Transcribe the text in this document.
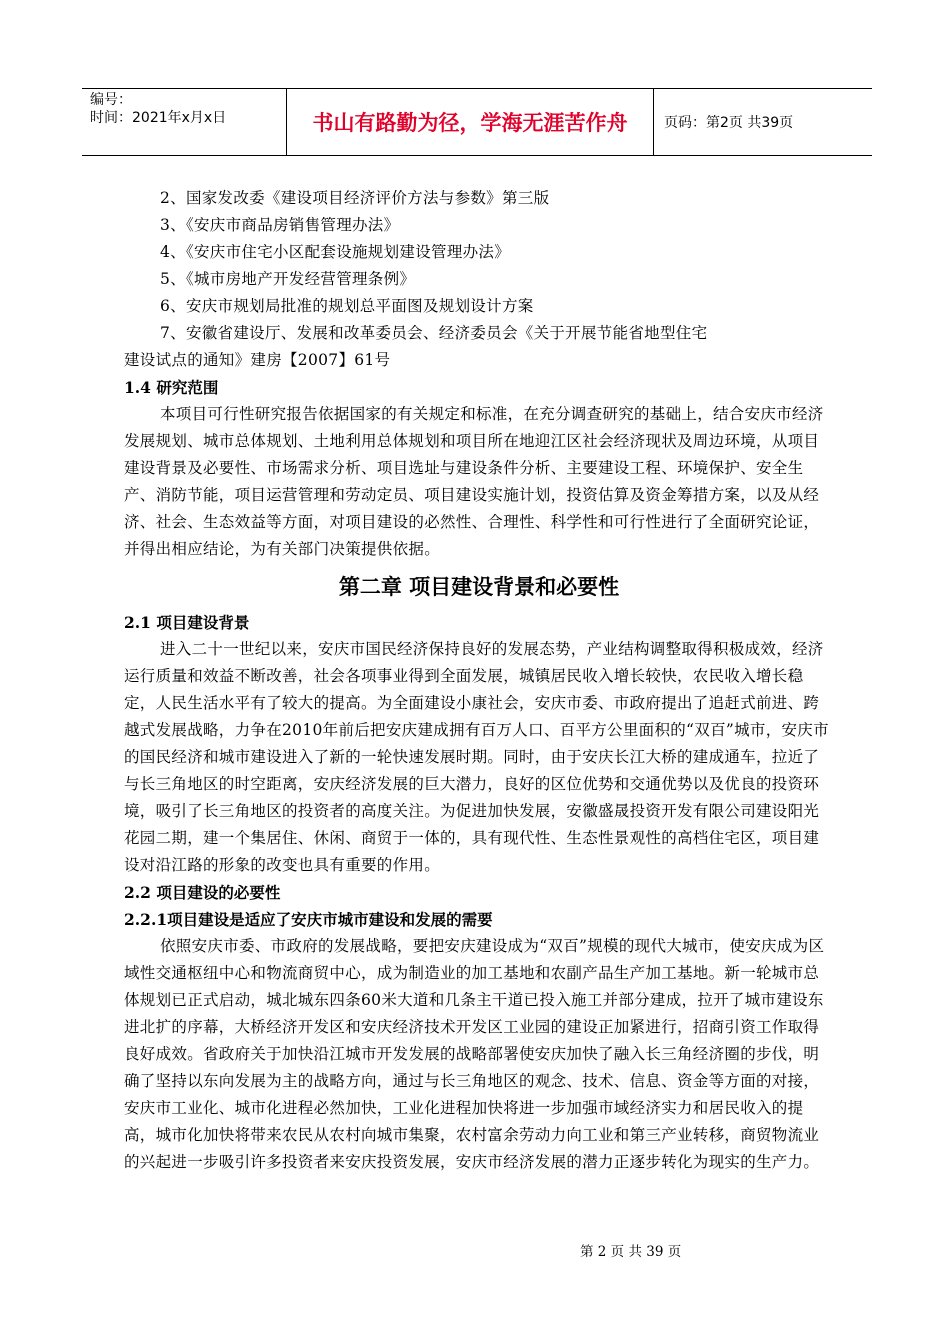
编号：
时间：2021年x月x日	书山有路勤为径，学海无涯苦作舟	页码：第2页 共39页

2、国家发改委《建设项目经济评价方法与参数》第三版

3、《安庆市商品房销售管理办法》

4、《安庆市住宅小区配套设施规划建设管理办法》

5、《城市房地产开发经营管理条例》

6、安庆市规划局批准的规划总平面图及规划设计方案

7、安徽省建设厅、发展和改革委员会、经济委员会《关于开展节能省地型住宅

建设试点的通知》建房【2007】61号

1.4 研究范围

本项目可行性研究报告依据国家的有关规定和标准，在充分调查研究的基础上，结合安庆市经济发展规划、城市总体规划、土地利用总体规划和项目所在地迎江区社会经济现状及周边环境，从项目建设背景及必要性、市场需求分析、项目选址与建设条件分析、主要建设工程、环境保护、安全生产、消防节能，项目运营管理和劳动定员、项目建设实施计划，投资估算及资金筹措方案，以及从经济、社会、生态效益等方面，对项目建设的必然性、合理性、科学性和可行性进行了全面研究论证，并得出相应结论，为有关部门决策提供依据。

第二章 项目建设背景和必要性

2.1 项目建设背景

进入二十一世纪以来，安庆市国民经济保持良好的发展态势，产业结构调整取得积极成效，经济运行质量和效益不断改善，社会各项事业得到全面发展，城镇居民收入增长较快，农民收入增长稳定，人民生活水平有了较大的提高。为全面建设小康社会，安庆市委、市政府提出了追赶式前进、跨越式发展战略，力争在2010年前后把安庆建成拥有百万人口、百平方公里面积的“双百”城市，安庆市的国民经济和城市建设进入了新的一轮快速发展时期。同时，由于安庆长江大桥的建成通车，拉近了与长三角地区的时空距离，安庆经济发展的巨大潜力，良好的区位优势和交通优势以及优良的投资环境，吸引了长三角地区的投资者的高度关注。为促进加快发展，安徽盛晟投资开发有限公司建设阳光花园二期，建一个集居住、休闲、商贸于一体的，具有现代性、生态性景观性的高档住宅区，项目建设对沿江路的形象的改变也具有重要的作用。

2.2 项目建设的必要性

2.2.1项目建设是适应了安庆市城市建设和发展的需要

依照安庆市委、市政府的发展战略，要把安庆建设成为“双百”规模的现代大城市，使安庆成为区域性交通枢纽中心和物流商贸中心，成为制造业的加工基地和农副产品生产加工基地。新一轮城市总体规划已正式启动，城北城东四条60米大道和几条主干道已投入施工并部分建成，拉开了城市建设东进北扩的序幕，大桥经济开发区和安庆经济技术开发区工业园的建设正加紧进行，招商引资工作取得良好成效。省政府关于加快沿江城市开发发展的战略部署使安庆加快了融入长三角经济圈的步伐，明确了坚持以东向发展为主的战略方向，通过与长三角地区的观念、技术、信息、资金等方面的对接，安庆市工业化、城市化进程必然加快，工业化进程加快将进一步加强市域经济实力和居民收入的提高，城市化加快将带来农民从农村向城市集聚，农村富余劳动力向工业和第三产业转移，商贸物流业的兴起进一步吸引许多投资者来安庆投资发展，安庆市经济发展的潜力正逐步转化为现实的生产力。

第 2 页 共 39 页
